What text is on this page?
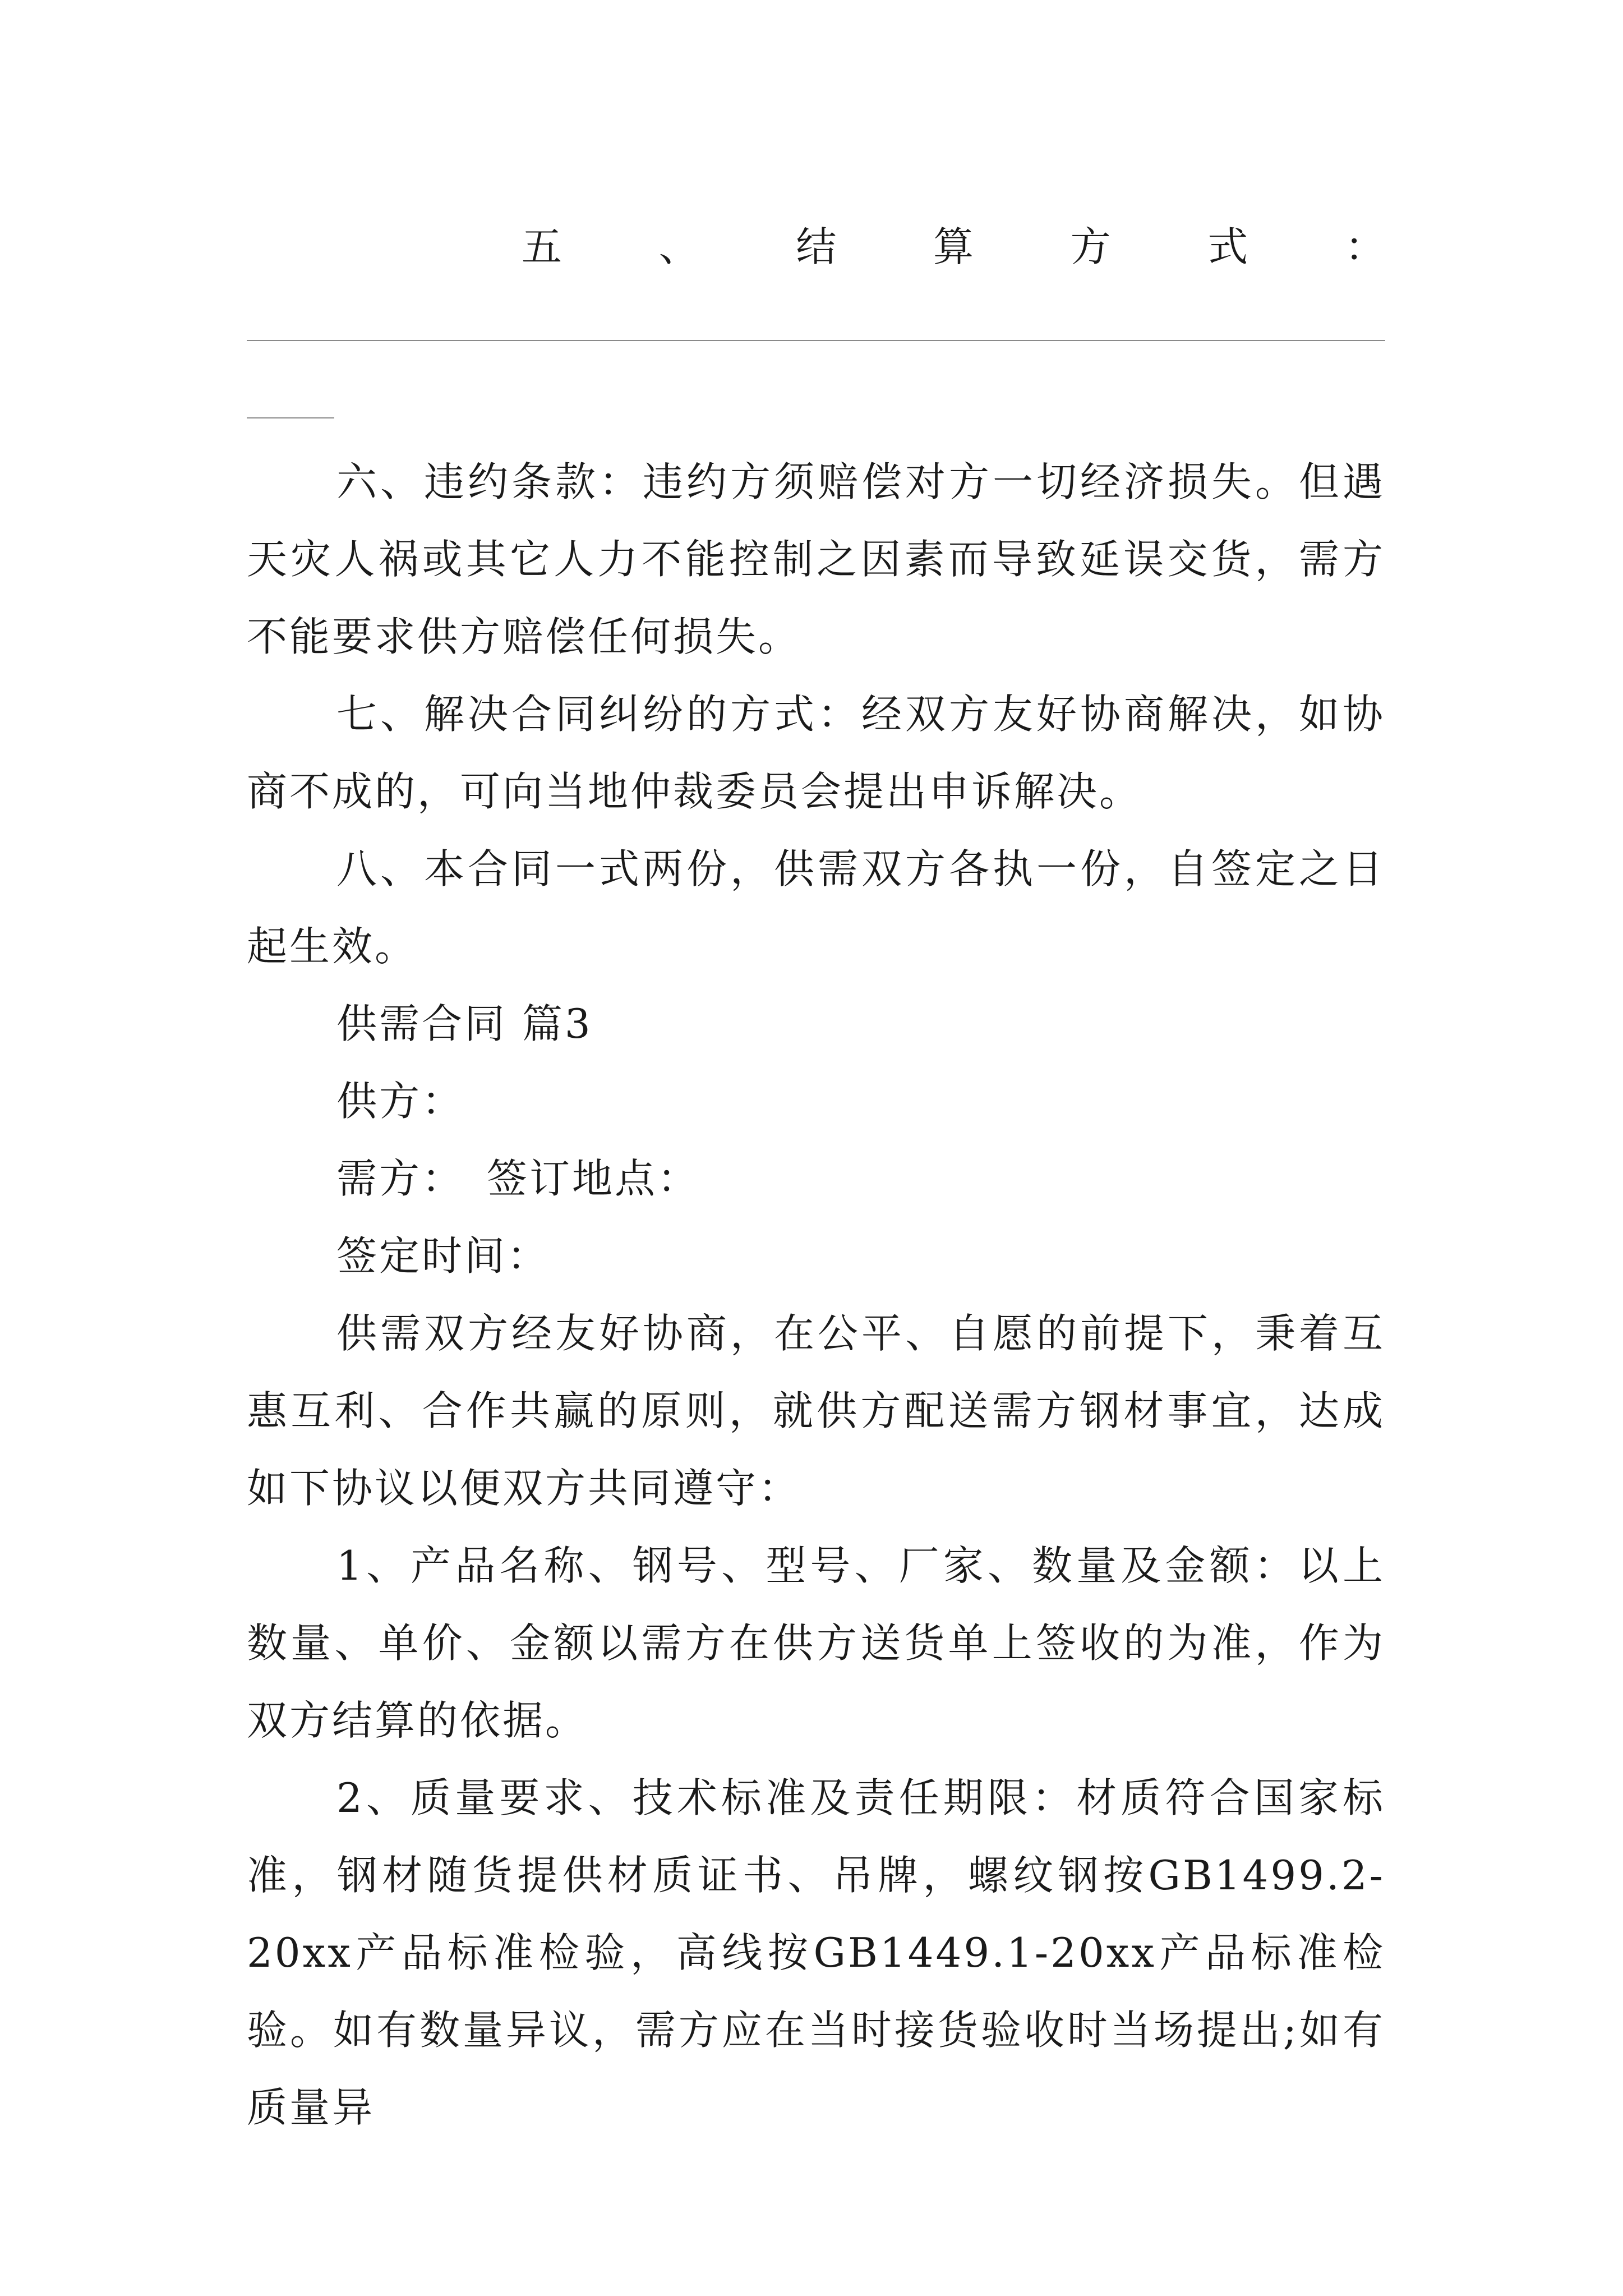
五 、 结 算 方 式 ：

六、违约条款：违约方须赔偿对方一切经济损失。但遇天灾人祸或其它人力不能控制之因素而导致延误交货，需方不能要求供方赔偿任何损失。

七、解决合同纠纷的方式：经双方友好协商解决，如协商不成的，可向当地仲裁委员会提出申诉解决。

八、本合同一式两份，供需双方各执一份，自签定之日起生效。

供需合同 篇3

供方：

需方：　签订地点：

签定时间：

供需双方经友好协商，在公平、自愿的前提下，秉着互惠互利、合作共赢的原则，就供方配送需方钢材事宜，达成如下协议以便双方共同遵守：

1、产品名称、钢号、型号、厂家、数量及金额：以上数量、单价、金额以需方在供方送货单上签收的为准，作为双方结算的依据。

2、质量要求、技术标准及责任期限：材质符合国家标准，钢材随货提供材质证书、吊牌，螺纹钢按GB1499.2-20xx产品标准检验，高线按GB1449.1-20xx产品标准检验。如有数量异议，需方应在当时接货验收时当场提出;如有质量异
